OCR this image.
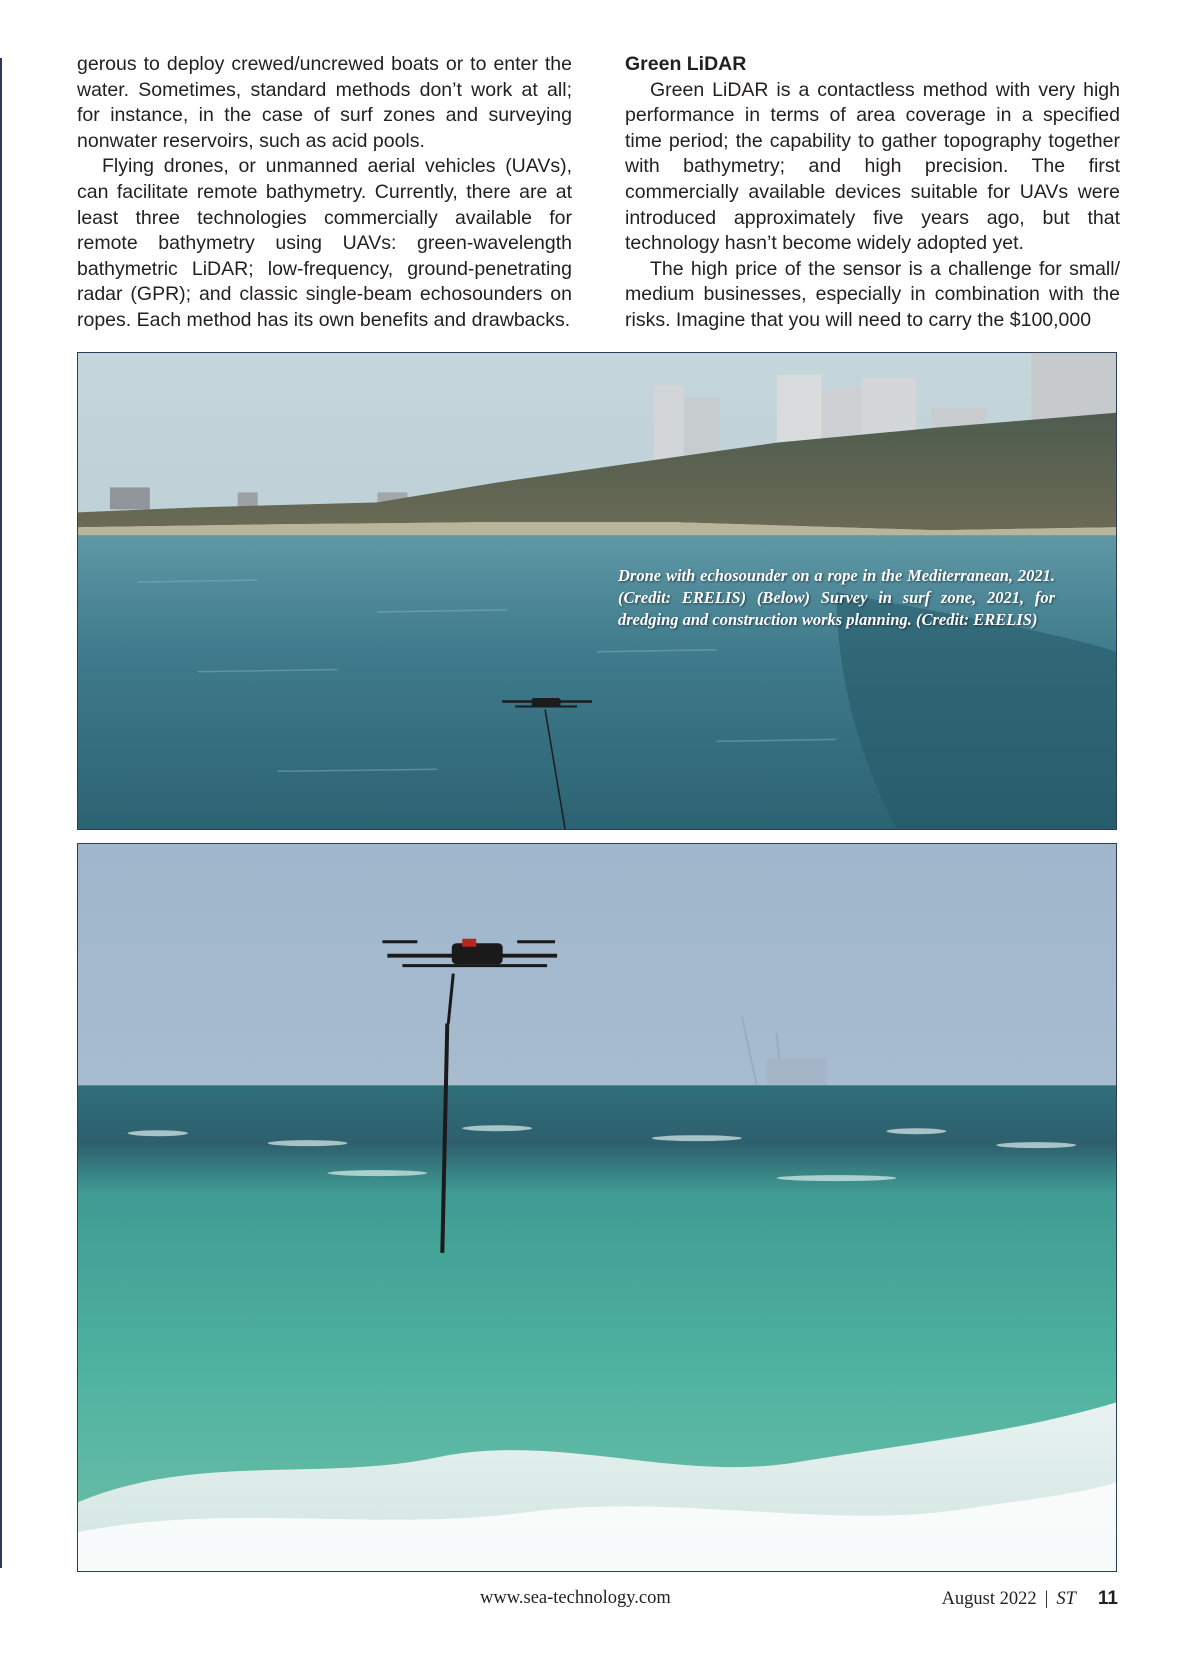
gerous to deploy crewed/uncrewed boats or to enter the water. Sometimes, standard methods don’t work at all; for instance, in the case of surf zones and surveying nonwater reservoirs, such as acid pools.

Flying drones, or unmanned aerial vehicles (UAVs), can facilitate remote bathymetry. Currently, there are at least three technologies commercially available for remote bathymetry using UAVs: green-wavelength bathymetric LiDAR; low-frequency, ground-penetrating radar (GPR); and classic single-beam echosounders on ropes. Each method has its own benefits and drawbacks.

Green LiDAR

Green LiDAR is a contactless method with very high performance in terms of area coverage in a specified time period; the capability to gather topography together with bathymetry; and high precision. The first commercially available devices suitable for UAVs were introduced approximately five years ago, but that technology hasn’t become widely adopted yet.

The high price of the sensor is a challenge for small/ medium businesses, especially in combination with the risks. Imagine that you will need to carry the $100,000

Drone with echosounder on a rope in the Mediterranean, 2021. (Credit: ERELIS) (Below) Survey in surf zone, 2021, for dredging and construction works planning. (Credit: ERELIS)
www.sea-technology.com	August 2022 | ST 11
